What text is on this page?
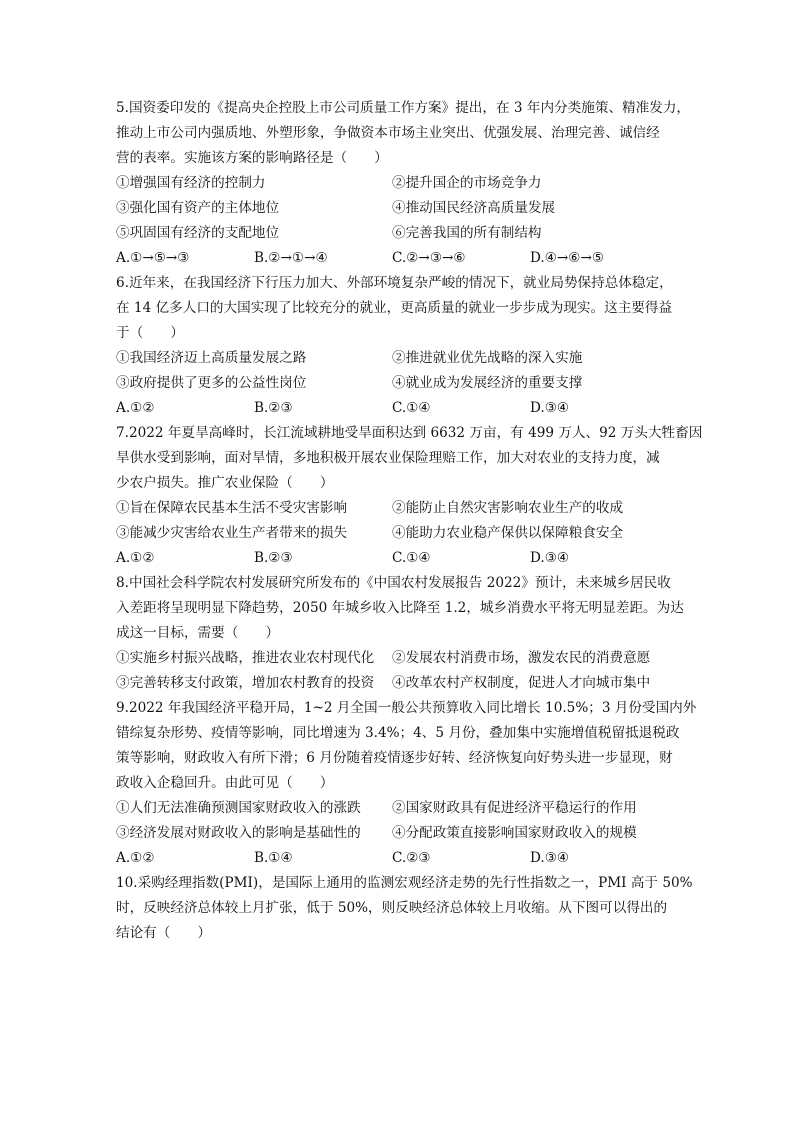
5.国资委印发的《提高央企控股上市公司质量工作方案》提出，在 3 年内分类施策、精准发力，
推动上市公司内强质地、外塑形象，争做资本市场主业突出、优强发展、治理完善、诚信经
营的表率。实施该方案的影响路径是（　　）
①增强国有经济的控制力	②提升国企的市场竞争力
③强化国有资产的主体地位	④推动国民经济高质量发展
⑤巩固国有经济的支配地位	⑥完善我国的所有制结构
A.①→⑤→③	B.②→①→④	C.②→③→⑥	D.④→⑥→⑤
6.近年来，在我国经济下行压力加大、外部环境复杂严峻的情况下，就业局势保持总体稳定，
在 14 亿多人口的大国实现了比较充分的就业，更高质量的就业一步步成为现实。这主要得益
于（　　）
①我国经济迈上高质量发展之路	②推进就业优先战略的深入实施
③政府提供了更多的公益性岗位	④就业成为发展经济的重要支撑
A.①②	B.②③	C.①④	D.③④
7.2022 年夏旱高峰时，长江流域耕地受旱面积达到 6632 万亩，有 499 万人、92 万头大牲畜因
旱供水受到影响，面对旱情，多地积极开展农业保险理赔工作，加大对农业的支持力度，减
少农户损失。推广农业保险（　　）
①旨在保障农民基本生活不受灾害影响	②能防止自然灾害影响农业生产的收成
③能减少灾害给农业生产者带来的损失	④能助力农业稳产保供以保障粮食安全
A.①②	B.②③	C.①④	D.③④
8.中国社会科学院农村发展研究所发布的《中国农村发展报告 2022》预计，未来城乡居民收
入差距将呈现明显下降趋势，2050 年城乡收入比降至 1.2，城乡消费水平将无明显差距。为达
成这一目标，需要（　　）
①实施乡村振兴战略，推进农业农村现代化	②发展农村消费市场，激发农民的消费意愿
③完善转移支付政策，增加农村教育的投资	④改革农村产权制度，促进人才向城市集中
9.2022 年我国经济平稳开局，1~2 月全国一般公共预算收入同比增长 10.5%；3 月份受国内外
错综复杂形势、疫情等影响，同比增速为 3.4%；4、5 月份，叠加集中实施增值税留抵退税政
策等影响，财政收入有所下滑；6 月份随着疫情逐步好转、经济恢复向好势头进一步显现，财
政收入企稳回升。由此可见（　　）
①人们无法准确预测国家财政收入的涨跌	②国家财政具有促进经济平稳运行的作用
③经济发展对财政收入的影响是基础性的	④分配政策直接影响国家财政收入的规模
A.①②	B.①④	C.②③	D.③④
10.采购经理指数(PMI)，是国际上通用的监测宏观经济走势的先行性指数之一，PMI 高于 50%
时，反映经济总体较上月扩张，低于 50%，则反映经济总体较上月收缩。从下图可以得出的
结论有（　　）
